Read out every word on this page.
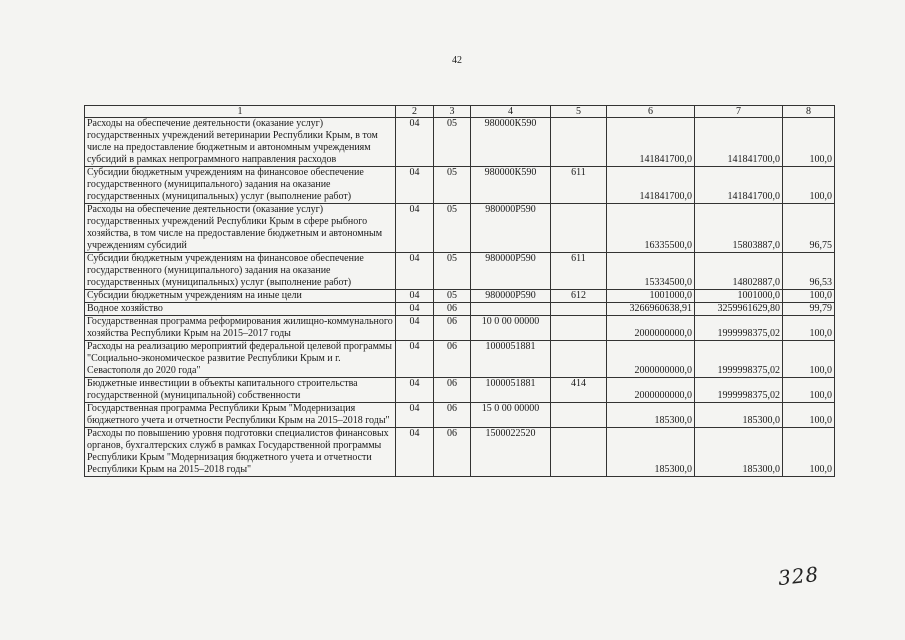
42
1	2	3	4	5	6	7	8
Расходы на обеспечение деятельности (оказание услуг) государственных учреждений ветеринарии Республики Крым, в том числе на предоставление бюджетным и автономным учреждениям субсидий в рамках непрограммного направления расходов	04	05	980000К590		141841700,0	141841700,0	100,0
Субсидии бюджетным учреждениям на финансовое обеспечение государственного (муниципального) задания на оказание государственных (муниципальных) услуг (выполнение работ)	04	05	980000К590	611	141841700,0	141841700,0	100,0
Расходы на обеспечение деятельности (оказание услуг) государственных учреждений Республики Крым в сфере рыбного хозяйства, в том числе на предоставление бюджетным и автономным учреждениям субсидий	04	05	980000Р590		16335500,0	15803887,0	96,75
Субсидии бюджетным учреждениям на финансовое обеспечение государственного (муниципального) задания на оказание государственных (муниципальных) услуг (выполнение работ)	04	05	980000Р590	611	15334500,0	14802887,0	96,53
Субсидии бюджетным учреждениям на иные цели	04	05	980000Р590	612	1001000,0	1001000,0	100,0
Водное хозяйство	04	06			3266960638,91	3259961629,80	99,79
Государственная программа реформирования жилищно-коммунального хозяйства Республики Крым на 2015–2017 годы	04	06	10 0 00 00000		2000000000,0	1999998375,02	100,0
Расходы на реализацию мероприятий федеральной целевой программы "Социально-экономическое развитие Республики Крым и г. Севастополя до 2020 года"	04	06	1000051881		2000000000,0	1999998375,02	100,0
Бюджетные инвестиции в объекты капитального строительства государственной (муниципальной) собственности	04	06	1000051881	414	2000000000,0	1999998375,02	100,0
Государственная программа Республики Крым "Модернизация бюджетного учета и отчетности Республики Крым на 2015–2018 годы"	04	06	15 0 00 00000		185300,0	185300,0	100,0
Расходы по повышению уровня подготовки специалистов финансовых органов, бухгалтерских служб в рамках Государственной программы Республики Крым "Модернизация бюджетного учета и отчетности Республики Крым на 2015–2018 годы"	04	06	1500022520		185300,0	185300,0	100,0
328
